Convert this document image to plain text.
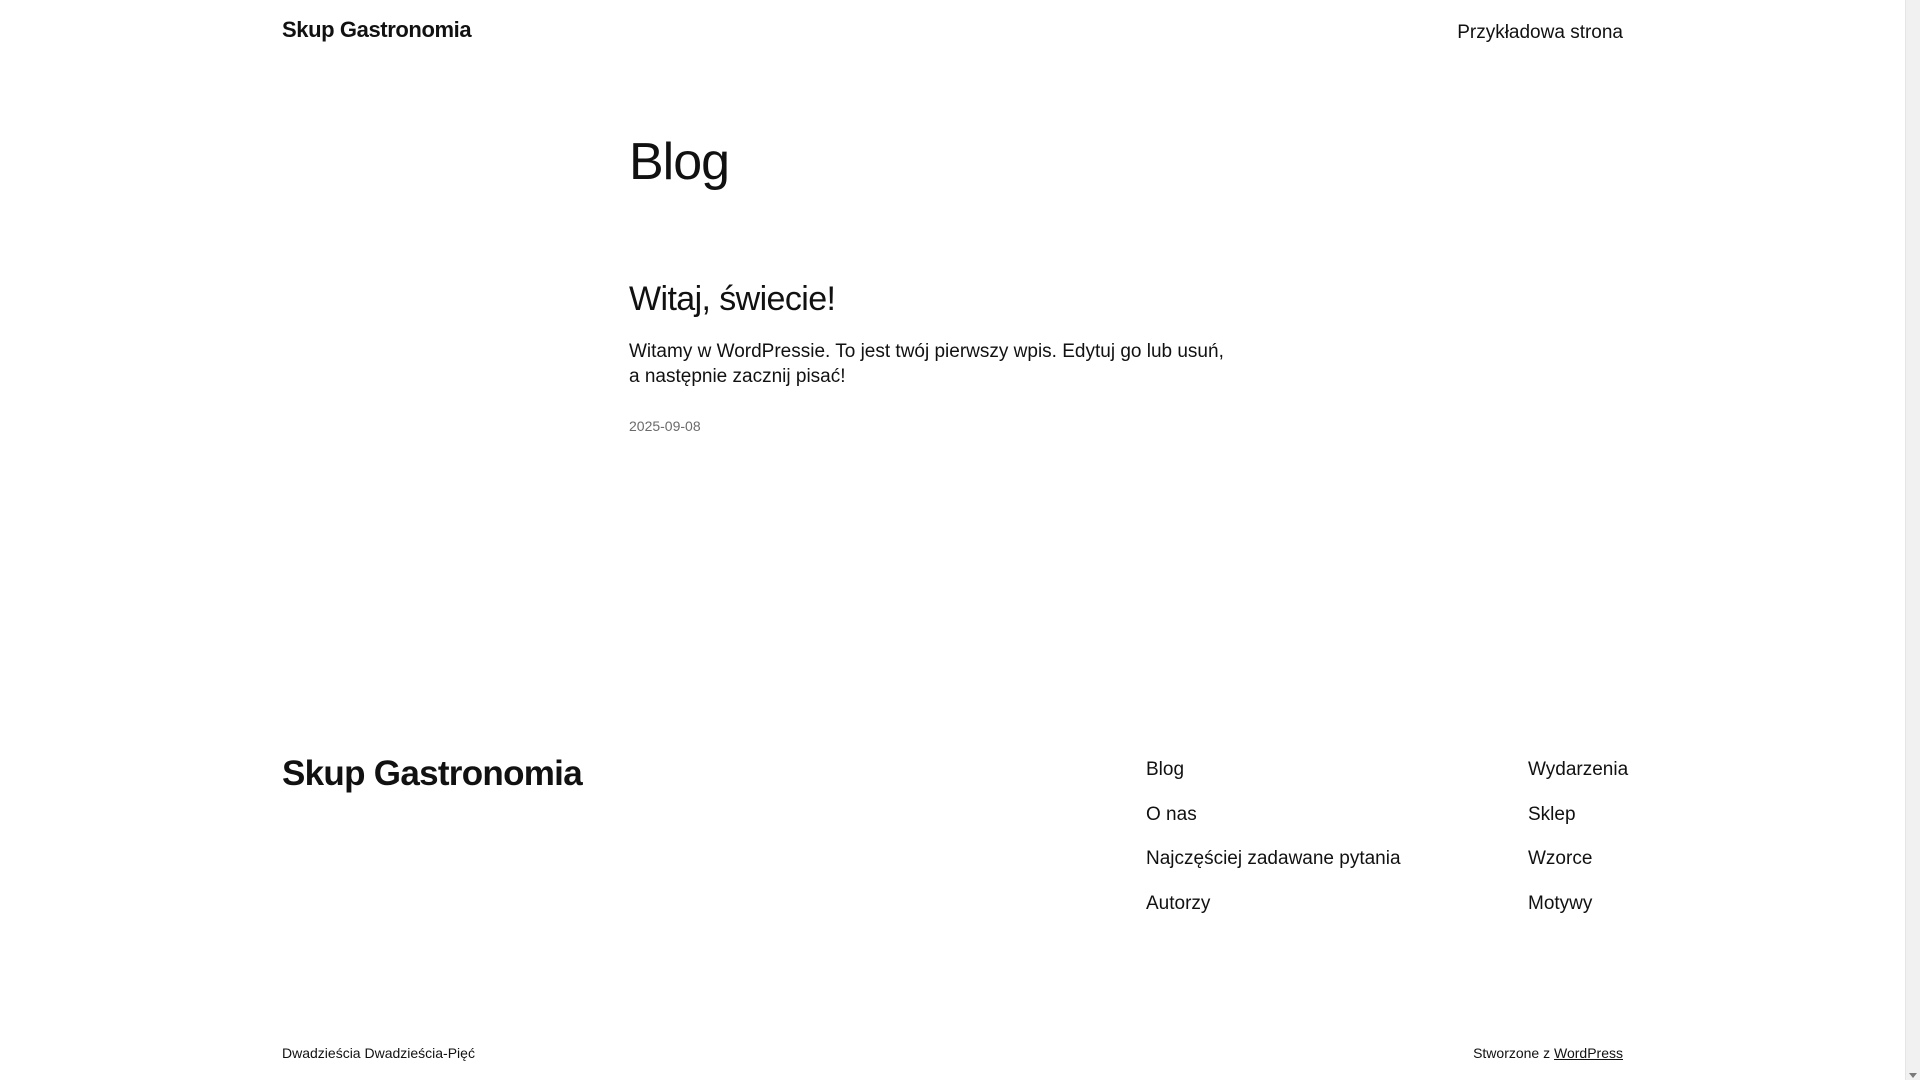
Skup Gastronomia	Przykładowa strona
Blog
Witaj, świecie!

Witamy w WordPressie. To jest twój pierwszy wpis. Edytuj go lub usuń, a następnie zacznij pisać!

2025-09-08
Skup Gastronomia	Blog
O nas
Najczęściej zadawane pytania
Autorzy
Wydarzenia
Sklep
Wzorce
Motywy
Dwadzieścia Dwadzieścia-Pięć	Stworzone z WordPress
